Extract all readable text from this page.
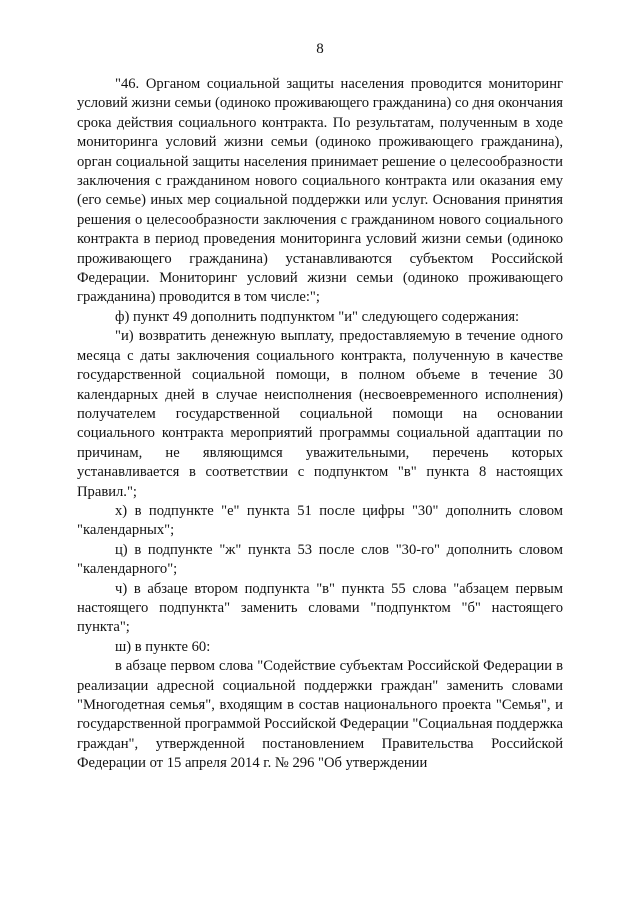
8

"46. Органом социальной защиты населения проводится мониторинг условий жизни семьи (одиноко проживающего гражданина) со дня окончания срока действия социального контракта. По результатам, полученным в ходе мониторинга условий жизни семьи (одиноко проживающего гражданина), орган социальной защиты населения принимает решение о целесообразности заключения с гражданином нового социального контракта или оказания ему (его семье) иных мер социальной поддержки или услуг. Основания принятия решения о целесообразности заключения с гражданином нового социального контракта в период проведения мониторинга условий жизни семьи (одиноко проживающего гражданина) устанавливаются субъектом Российской Федерации. Мониторинг условий жизни семьи (одиноко проживающего гражданина) проводится в том числе:";

ф) пункт 49 дополнить подпунктом "и" следующего содержания:

"и) возвратить денежную выплату, предоставляемую в течение одного месяца с даты заключения социального контракта, полученную в качестве государственной социальной помощи, в полном объеме в течение 30 календарных дней в случае неисполнения (несвоевременного исполнения) получателем государственной социальной помощи на основании социального контракта мероприятий программы социальной адаптации по причинам, не являющимся уважительными, перечень которых устанавливается в соответствии с подпунктом "в" пункта 8 настоящих Правил.";

х) в подпункте "е" пункта 51 после цифры "30" дополнить словом "календарных";

ц) в подпункте "ж" пункта 53 после слов "30-го" дополнить словом "календарного";

ч) в абзаце втором подпункта "в" пункта 55 слова "абзацем первым настоящего подпункта" заменить словами "подпунктом "б" настоящего пункта";

ш) в пункте 60:

в абзаце первом слова "Содействие субъектам Российской Федерации в реализации адресной социальной поддержки граждан" заменить словами "Многодетная семья", входящим в состав национального проекта "Семья", и государственной программой Российской Федерации "Социальная поддержка граждан", утвержденной постановлением Правительства Российской Федерации от 15 апреля 2014 г. № 296 "Об утверждении
